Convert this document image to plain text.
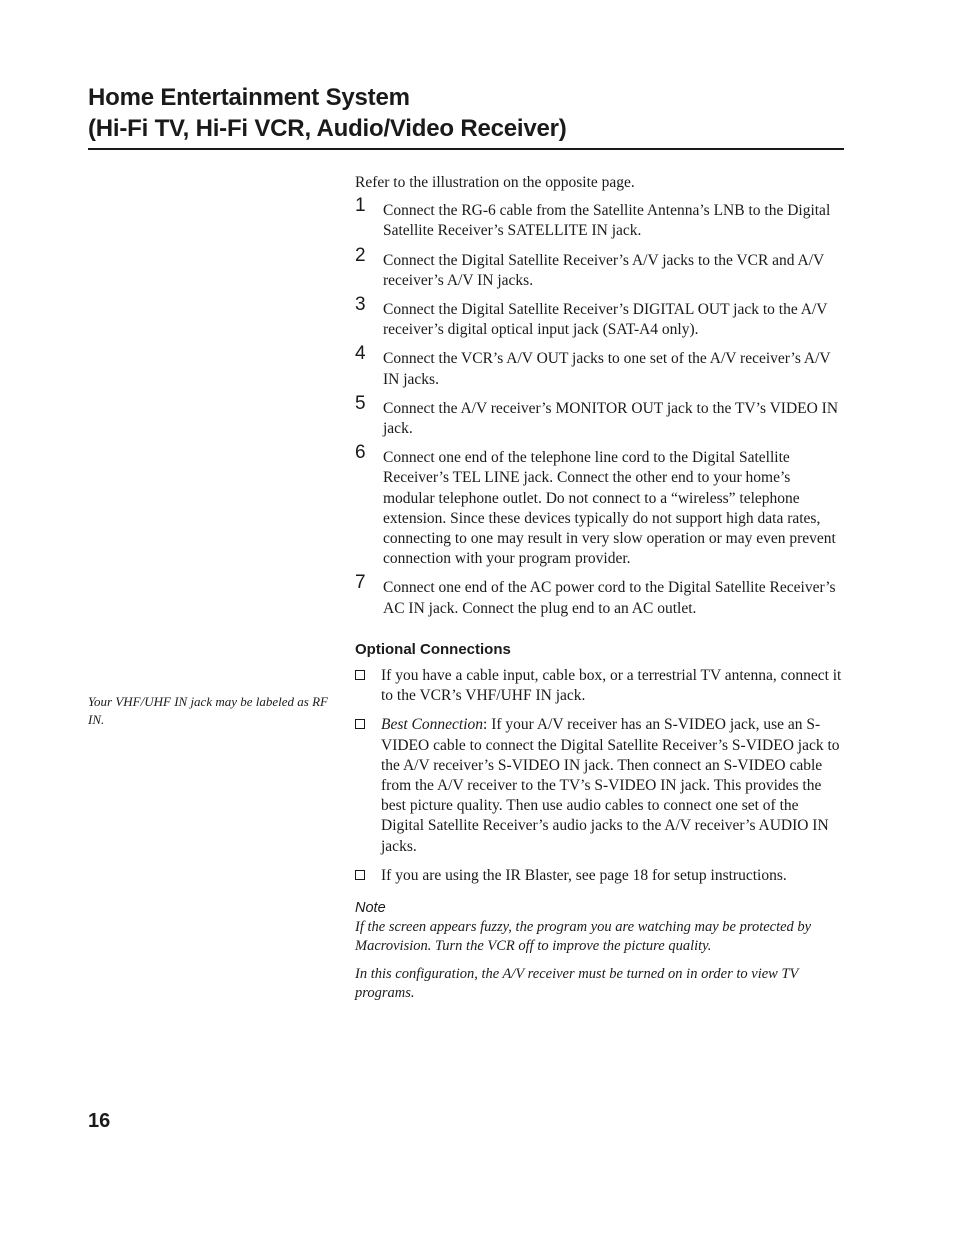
Home Entertainment System

(Hi-Fi TV, Hi-Fi VCR, Audio/Video Receiver)

Your VHF/UHF IN jack may be labeled as RF IN.

Refer to the illustration on the opposite page.

1	Connect the RG-6 cable from the Satellite Antenna’s LNB to the Digital Satellite Receiver’s SATELLITE IN jack.
2	Connect the Digital Satellite Receiver’s A/V jacks to the VCR and A/V receiver’s A/V IN jacks.
3	Connect the Digital Satellite Receiver’s DIGITAL OUT jack to the A/V receiver’s digital optical input jack (SAT-A4 only).
4	Connect the VCR’s A/V OUT jacks to one set of the A/V receiver’s A/V IN jacks.
5	Connect the A/V receiver’s MONITOR OUT jack to the TV’s VIDEO IN jack.
6	Connect one end of the telephone line cord to the Digital Satellite Receiver’s TEL LINE jack. Connect the other end to your home’s modular telephone outlet. Do not connect to a “wireless” telephone extension. Since these devices typically do not support high data rates, connecting to one may result in very slow operation or may even prevent connection with your program provider.
7	Connect one end of the AC power cord to the Digital Satellite Receiver’s AC IN jack. Connect the plug end to an AC outlet.
Optional Connections
If you have a cable input, cable box, or a terrestrial TV antenna, connect it to the VCR’s VHF/UHF IN jack.
Best Connection: If your A/V receiver has an S-VIDEO jack, use an S-VIDEO cable to connect the Digital Satellite Receiver’s S-VIDEO jack to the A/V receiver’s S-VIDEO IN jack. Then connect an S-VIDEO cable from the A/V receiver to the TV’s S-VIDEO IN jack. This provides the best picture quality. Then use audio cables to connect one set of the Digital Satellite Receiver’s audio jacks to the A/V receiver’s AUDIO IN jacks.
If you are using the IR Blaster, see page 18 for setup instructions.

Note

If the screen appears fuzzy, the program you are watching may be protected by Macrovision. Turn the VCR off to improve the picture quality.

In this configuration, the A/V receiver must be turned on in order to view TV programs.

16
